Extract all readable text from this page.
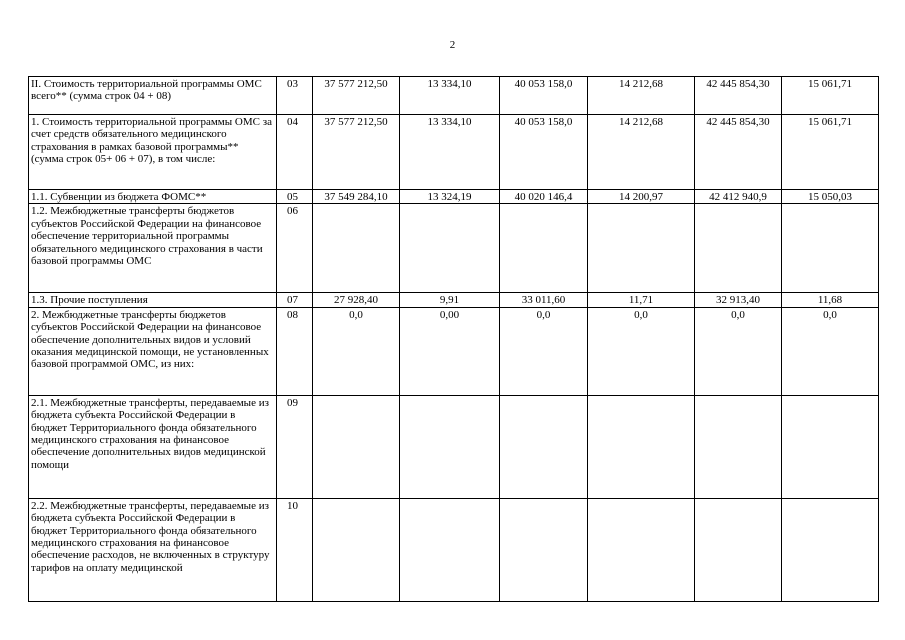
2
II. Стоимость территориальной программы ОМС всего** (сумма строк 04 + 08)	03	37 577 212,50	13 334,10	40 053 158,0	14 212,68	42 445 854,30	15 061,71
1. Стоимость территориальной программы ОМС за счет средств обязательного медицинского страхования в рамках базовой программы** (сумма строк 05+ 06 + 07), в том числе:	04	37 577 212,50	13 334,10	40 053 158,0	14 212,68	42 445 854,30	15 061,71
1.1. Субвенции из бюджета ФОМС**	05	37 549 284,10	13 324,19	40 020 146,4	14 200,97	42 412 940,9	15 050,03
1.2. Межбюджетные трансферты бюджетов субъектов Российской Федерации на финансовое обеспечение территориальной программы обязательного медицинского страхования в части базовой программы ОМС	06						
1.3. Прочие поступления	07	27 928,40	9,91	33 011,60	11,71	32 913,40	11,68
2. Межбюджетные трансферты бюджетов субъектов Российской Федерации на финансовое обеспечение дополнительных видов и условий оказания медицинской помощи, не установленных базовой программой ОМС, из них:	08	0,0	0,00	0,0	0,0	0,0	0,0
2.1. Межбюджетные трансферты, передаваемые из бюджета субъекта Российской Федерации в бюджет Территориального фонда обязательного медицинского страхования на финансовое обеспечение дополнительных видов медицинской помощи	09						
2.2. Межбюджетные трансферты, передаваемые из бюджета субъекта Российской Федерации в бюджет Территориального фонда обязательного медицинского страхования на финансовое обеспечение расходов, не включенных в структуру тарифов на оплату медицинской	10						
